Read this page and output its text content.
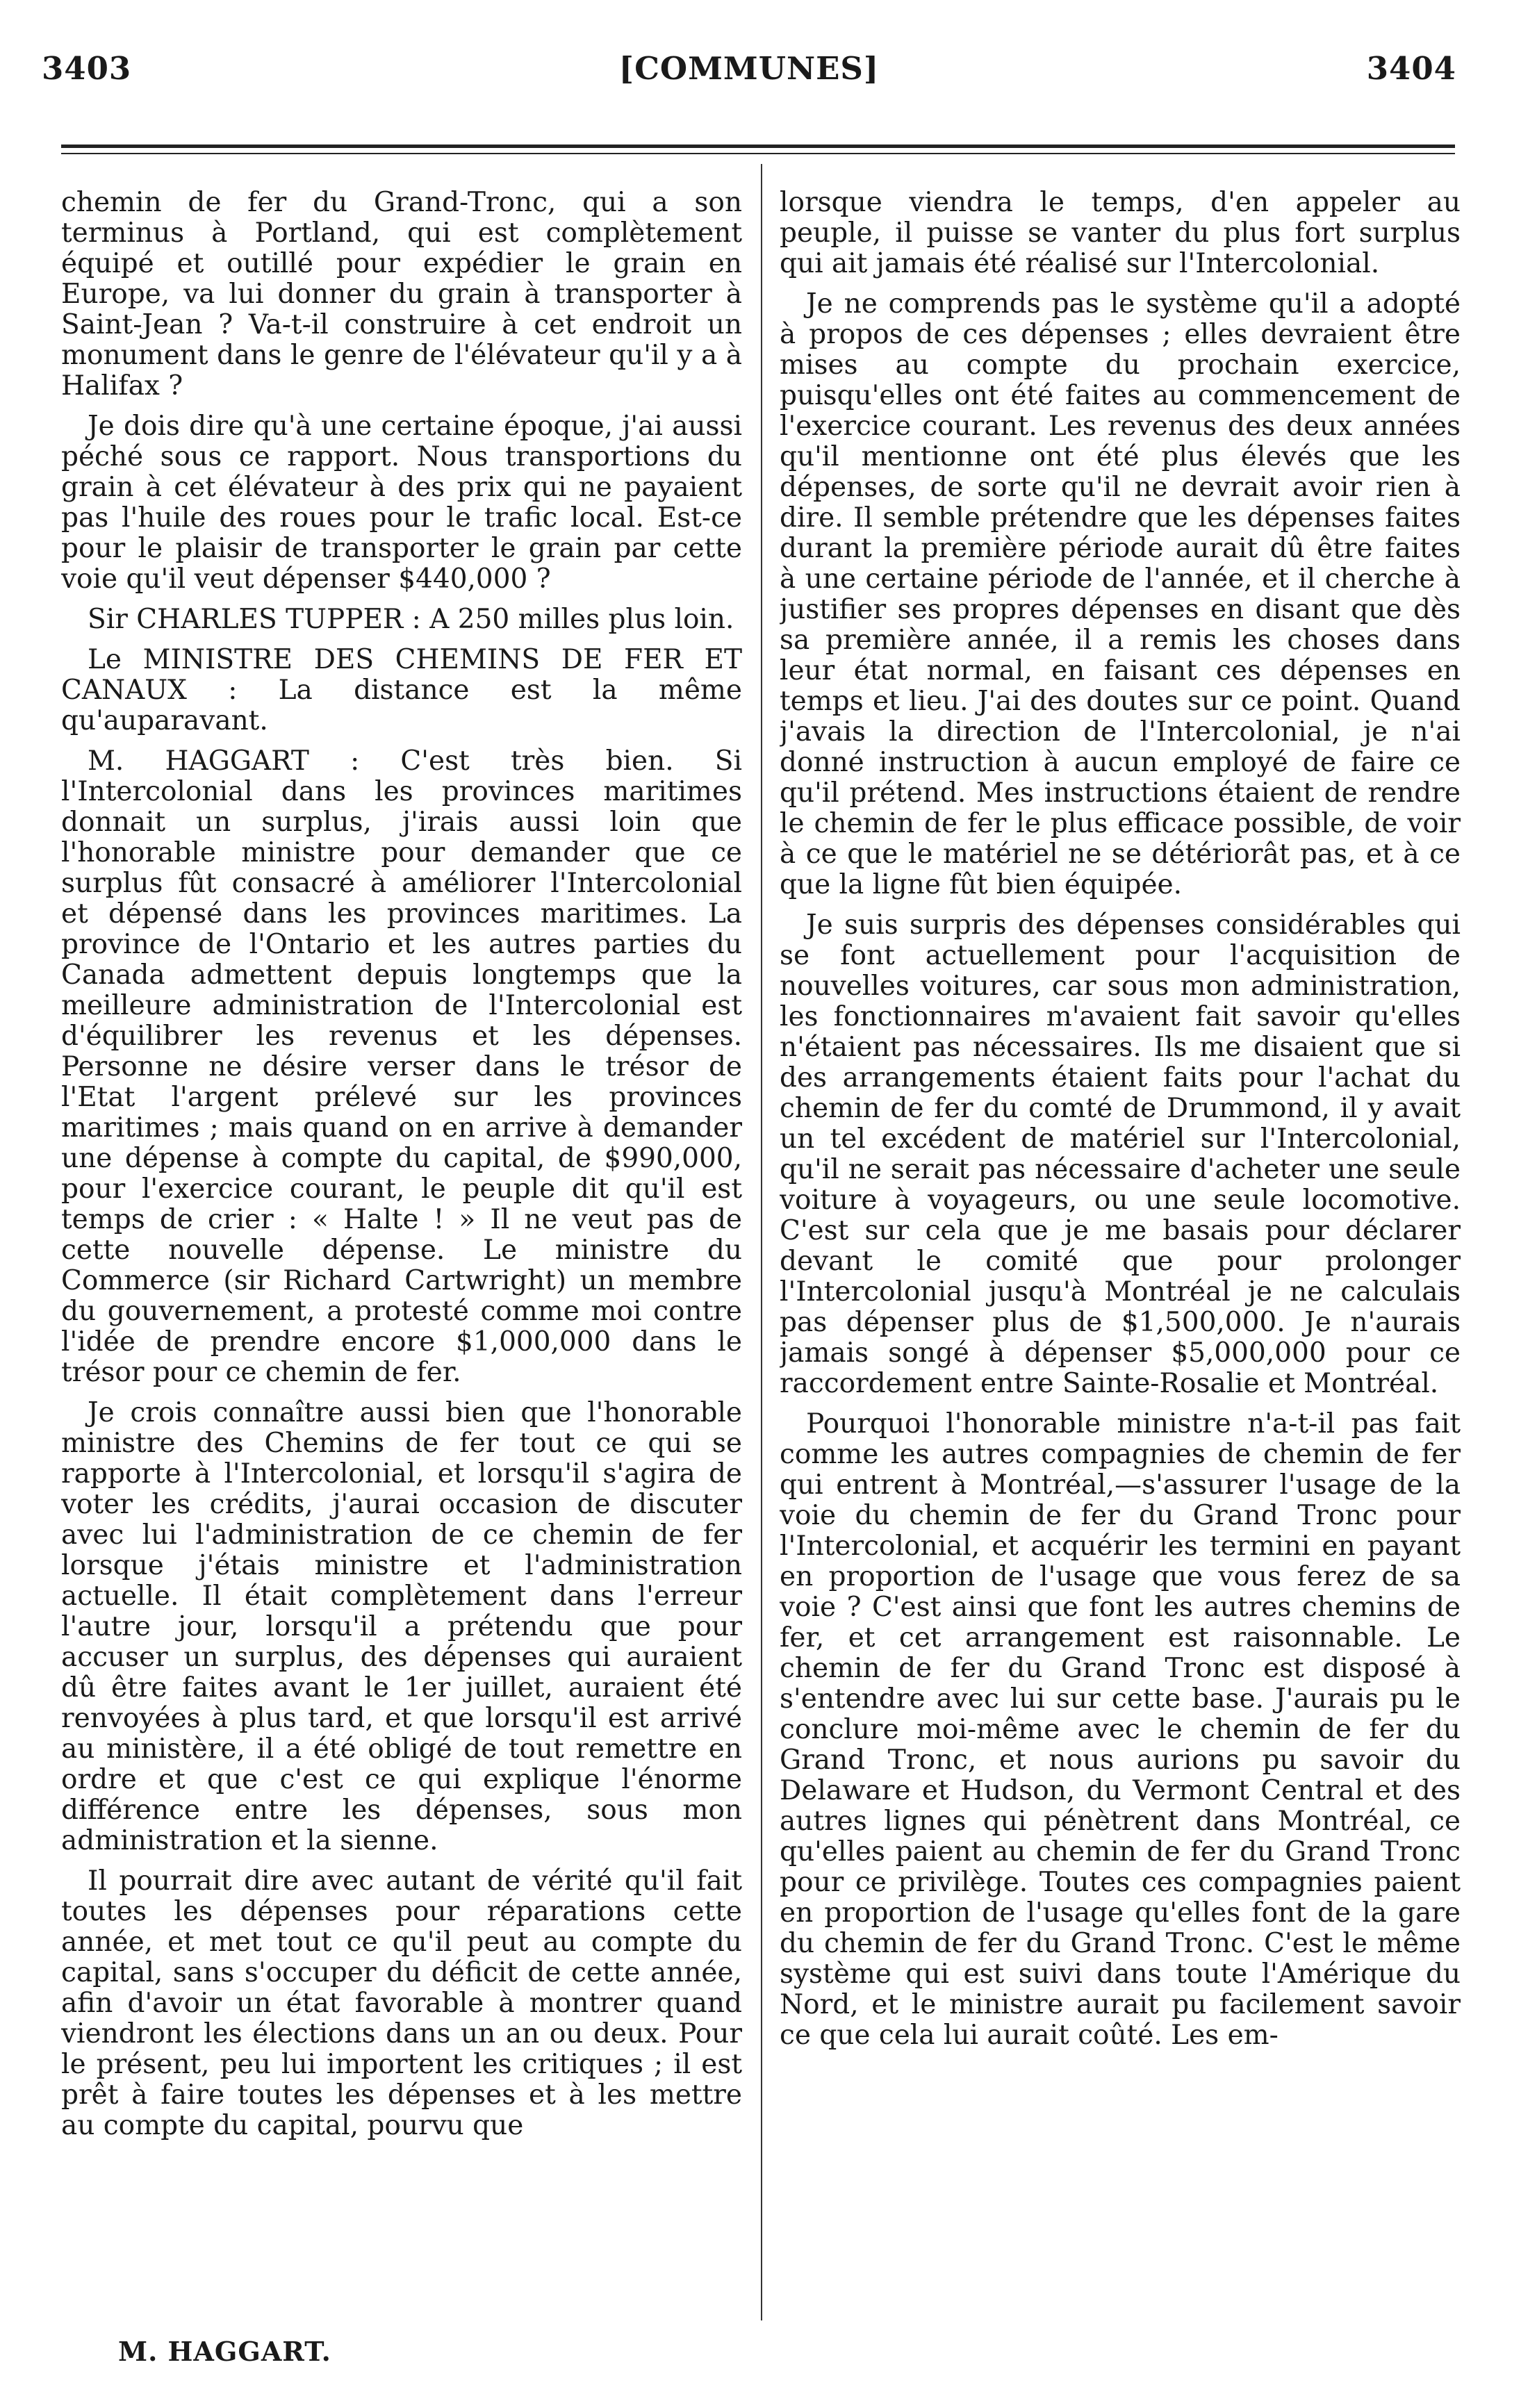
3403	[COMMUNES]	3404

chemin de fer du Grand-Tronc, qui a son terminus à Portland, qui est complètement équipé et outillé pour expédier le grain en Europe, va lui donner du grain à transporter à Saint-Jean ? Va-t-il construire à cet endroit un monument dans le genre de l'élévateur qu'il y a à Halifax ?

Je dois dire qu'à une certaine époque, j'ai aussi péché sous ce rapport. Nous transportions du grain à cet élévateur à des prix qui ne payaient pas l'huile des roues pour le trafic local. Est-ce pour le plaisir de transporter le grain par cette voie qu'il veut dépenser $440,000 ?

Sir CHARLES TUPPER : A 250 milles plus loin.

Le MINISTRE DES CHEMINS DE FER ET CANAUX : La distance est la même qu'auparavant.

M. HAGGART : C'est très bien. Si l'Intercolonial dans les provinces maritimes donnait un surplus, j'irais aussi loin que l'honorable ministre pour demander que ce surplus fût consacré à améliorer l'Intercolonial et dépensé dans les provinces maritimes. La province de l'Ontario et les autres parties du Canada admettent depuis longtemps que la meilleure administration de l'Intercolonial est d'équilibrer les revenus et les dépenses. Personne ne désire verser dans le trésor de l'Etat l'argent prélevé sur les provinces maritimes ; mais quand on en arrive à demander une dépense à compte du capital, de $990,000, pour l'exercice courant, le peuple dit qu'il est temps de crier : « Halte ! » Il ne veut pas de cette nouvelle dépense. Le ministre du Commerce (sir Richard Cartwright) un membre du gouvernement, a protesté comme moi contre l'idée de prendre encore $1,000,000 dans le trésor pour ce chemin de fer.

Je crois connaître aussi bien que l'honorable ministre des Chemins de fer tout ce qui se rapporte à l'Intercolonial, et lorsqu'il s'agira de voter les crédits, j'aurai occasion de discuter avec lui l'administration de ce chemin de fer lorsque j'étais ministre et l'administration actuelle. Il était complètement dans l'erreur l'autre jour, lorsqu'il a prétendu que pour accuser un surplus, des dépenses qui auraient dû être faites avant le 1er juillet, auraient été renvoyées à plus tard, et que lorsqu'il est arrivé au ministère, il a été obligé de tout remettre en ordre et que c'est ce qui explique l'énorme différence entre les dépenses, sous mon administration et la sienne.

Il pourrait dire avec autant de vérité qu'il fait toutes les dépenses pour réparations cette année, et met tout ce qu'il peut au compte du capital, sans s'occuper du déficit de cette année, afin d'avoir un état favorable à montrer quand viendront les élections dans un an ou deux. Pour le présent, peu lui importent les critiques ; il est prêt à faire toutes les dépenses et à les mettre au compte du capital, pourvu que

lorsque viendra le temps, d'en appeler au peuple, il puisse se vanter du plus fort surplus qui ait jamais été réalisé sur l'Intercolonial.

Je ne comprends pas le système qu'il a adopté à propos de ces dépenses ; elles devraient être mises au compte du prochain exercice, puisqu'elles ont été faites au commencement de l'exercice courant. Les revenus des deux années qu'il mentionne ont été plus élevés que les dépenses, de sorte qu'il ne devrait avoir rien à dire. Il semble prétendre que les dépenses faites durant la première période aurait dû être faites à une certaine période de l'année, et il cherche à justifier ses propres dépenses en disant que dès sa première année, il a remis les choses dans leur état normal, en faisant ces dépenses en temps et lieu. J'ai des doutes sur ce point. Quand j'avais la direction de l'Intercolonial, je n'ai donné instruction à aucun employé de faire ce qu'il prétend. Mes instructions étaient de rendre le chemin de fer le plus efficace possible, de voir à ce que le matériel ne se détériorât pas, et à ce que la ligne fût bien équipée.

Je suis surpris des dépenses considérables qui se font actuellement pour l'acquisition de nouvelles voitures, car sous mon administration, les fonctionnaires m'avaient fait savoir qu'elles n'étaient pas nécessaires. Ils me disaient que si des arrangements étaient faits pour l'achat du chemin de fer du comté de Drummond, il y avait un tel excédent de matériel sur l'Intercolonial, qu'il ne serait pas nécessaire d'acheter une seule voiture à voyageurs, ou une seule locomotive. C'est sur cela que je me basais pour déclarer devant le comité que pour prolonger l'Intercolonial jusqu'à Montréal je ne calculais pas dépenser plus de $1,500,000. Je n'aurais jamais songé à dépenser $5,000,000 pour ce raccordement entre Sainte-Rosalie et Montréal.

Pourquoi l'honorable ministre n'a-t-il pas fait comme les autres compagnies de chemin de fer qui entrent à Montréal,—s'assurer l'usage de la voie du chemin de fer du Grand Tronc pour l'Intercolonial, et acquérir les termini en payant en proportion de l'usage que vous ferez de sa voie ? C'est ainsi que font les autres chemins de fer, et cet arrangement est raisonnable. Le chemin de fer du Grand Tronc est disposé à s'entendre avec lui sur cette base. J'aurais pu le conclure moi-même avec le chemin de fer du Grand Tronc, et nous aurions pu savoir du Delaware et Hudson, du Vermont Central et des autres lignes qui pénètrent dans Montréal, ce qu'elles paient au chemin de fer du Grand Tronc pour ce privilège. Toutes ces compagnies paient en proportion de l'usage qu'elles font de la gare du chemin de fer du Grand Tronc. C'est le même système qui est suivi dans toute l'Amérique du Nord, et le ministre aurait pu facilement savoir ce que cela lui aurait coûté. Les em-

M. HAGGART.
